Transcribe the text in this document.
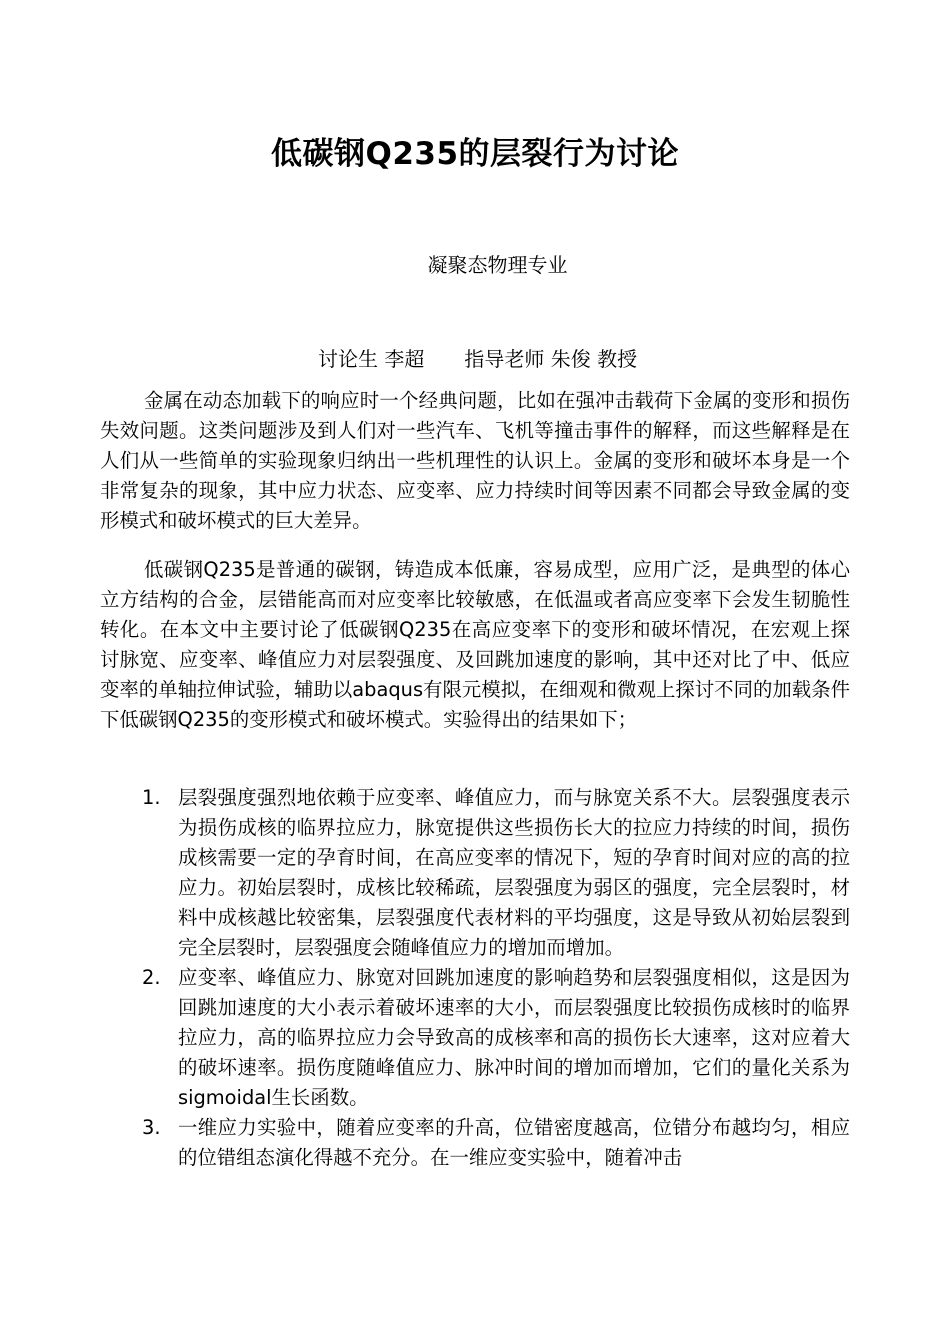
低碳钢Q235的层裂行为讨论
凝聚态物理专业
讨论生 李超 指导老师 朱俊 教授

金属在动态加载下的响应时一个经典问题，比如在强冲击载荷下金属的变形和损伤失效问题。这类问题涉及到人们对一些汽车、飞机等撞击事件的解释，而这些解释是在人们从一些简单的实验现象归纳出一些机理性的认识上。金属的变形和破坏本身是一个非常复杂的现象，其中应力状态、应变率、应力持续时间等因素不同都会导致金属的变形模式和破坏模式的巨大差异。

低碳钢Q235是普通的碳钢，铸造成本低廉，容易成型，应用广泛，是典型的体心立方结构的合金，层错能高而对应变率比较敏感，在低温或者高应变率下会发生韧脆性转化。在本文中主要讨论了低碳钢Q235在高应变率下的变形和破坏情况，在宏观上探讨脉宽、应变率、峰值应力对层裂强度、及回跳加速度的影响，其中还对比了中、低应变率的单轴拉伸试验，辅助以abaqus有限元模拟，在细观和微观上探讨不同的加载条件下低碳钢Q235的变形模式和破坏模式。实验得出的结果如下；

1. 层裂强度强烈地依赖于应变率、峰值应力，而与脉宽关系不大。层裂强度表示为损伤成核的临界拉应力，脉宽提供这些损伤长大的拉应力持续的时间，损伤成核需要一定的孕育时间，在高应变率的情况下，短的孕育时间对应的高的拉应力。初始层裂时，成核比较稀疏，层裂强度为弱区的强度，完全层裂时，材料中成核越比较密集，层裂强度代表材料的平均强度，这是导致从初始层裂到完全层裂时，层裂强度会随峰值应力的增加而增加。
2. 应变率、峰值应力、脉宽对回跳加速度的影响趋势和层裂强度相似，这是因为回跳加速度的大小表示着破坏速率的大小，而层裂强度比较损伤成核时的临界拉应力，高的临界拉应力会导致高的成核率和高的损伤长大速率，这对应着大的破坏速率。损伤度随峰值应力、脉冲时间的增加而增加，它们的量化关系为sigmoidal生长函数。
3. 一维应力实验中，随着应变率的升高，位错密度越高，位错分布越均匀，相应的位错组态演化得越不充分。在一维应变实验中，随着冲击
